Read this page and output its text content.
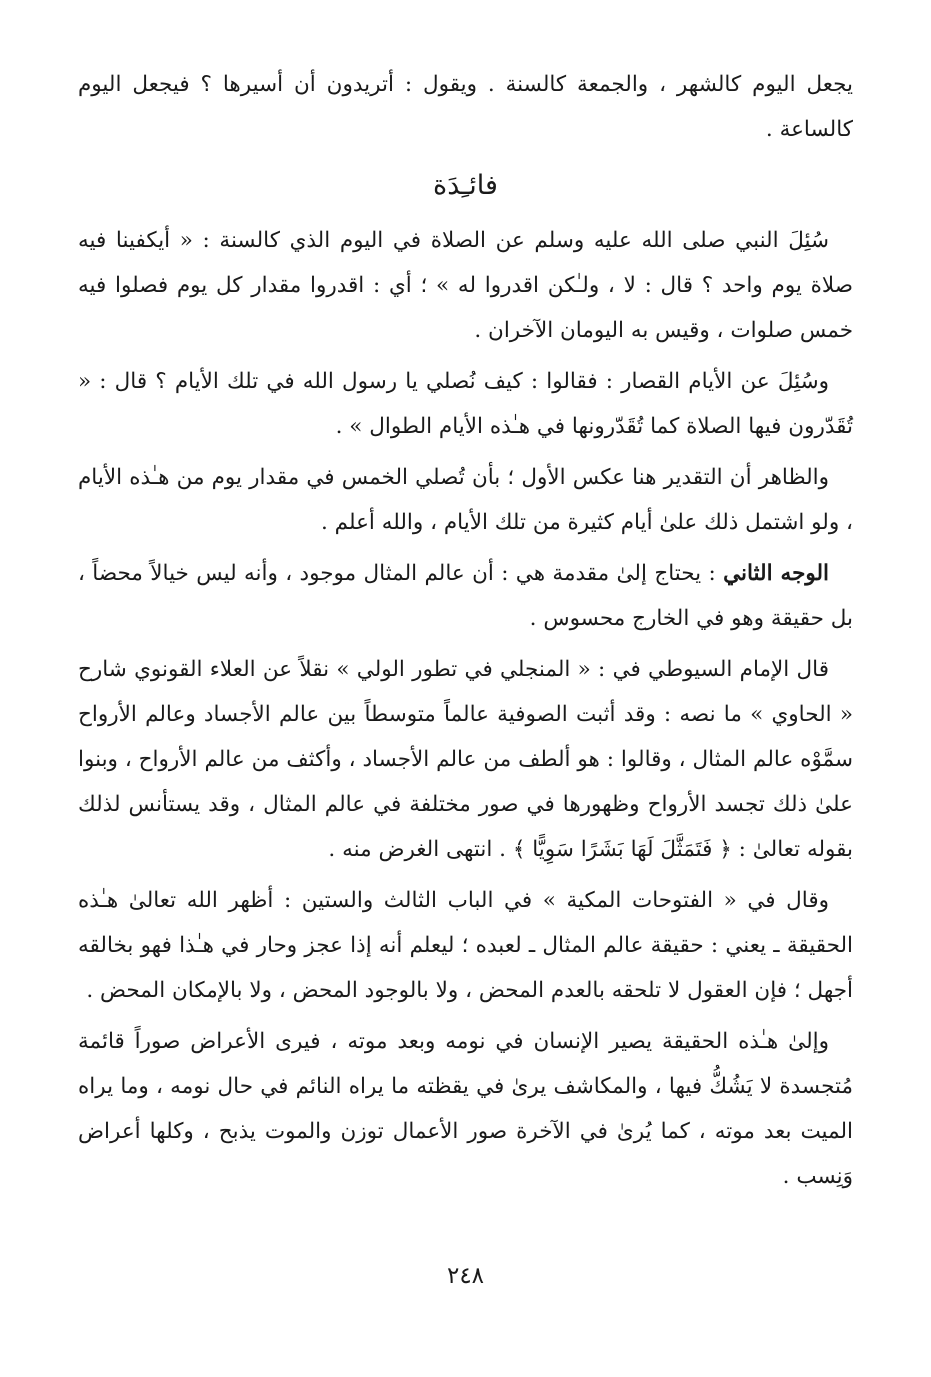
يجعل اليوم كالشهر ، والجمعة كالسنة . ويقول : أتريدون أن أسيرها ؟ فيجعل اليوم كالساعة .

فائـِدَة

سُئِلَ النبي صلى الله عليه وسلم عن الصلاة في اليوم الذي كالسنة : « أيكفينا فيه صلاة يوم واحد ؟ قال : لا ، ولـٰكن اقدروا له » ؛ أي : اقدروا مقدار كل يوم فصلوا فيه خمس صلوات ، وقيس به اليومان الآخران .

وسُئِلَ عن الأيام القصار : فقالوا : كيف نُصلي يا رسول الله في تلك الأيام ؟ قال : « تُقَدّرون فيها الصلاة كما تُقَدّرونها في هـٰذه الأيام الطوال » .

والظاهر أن التقدير هنا عكس الأول ؛ بأن تُصلي الخمس في مقدار يوم من هـٰذه الأيام ، ولو اشتمل ذلك علىٰ أيام كثيرة من تلك الأيام ، والله أعلم .

الوجه الثاني : يحتاج إلىٰ مقدمة هي : أن عالم المثال موجود ، وأنه ليس خيالاً محضاً ، بل حقيقة وهو في الخارج محسوس .

قال الإمام السيوطي في : « المنجلي في تطور الولي » نقلاً عن العلاء القونوي شارح « الحاوي » ما نصه : وقد أثبت الصوفية عالماً متوسطاً بين عالم الأجساد وعالم الأرواح سمَّوْه عالم المثال ، وقالوا : هو ألطف من عالم الأجساد ، وأكثف من عالم الأرواح ، وبنوا علىٰ ذلك تجسد الأرواح وظهورها في صور مختلفة في عالم المثال ، وقد يستأنس لذلك بقوله تعالىٰ : ﴿ فَتَمَثَّلَ لَهَا بَشَرًا سَوِيًّا ﴾ . انتهى الغرض منه .

وقال في « الفتوحات المكية » في الباب الثالث والستين : أظهر الله تعالىٰ هـٰذه الحقيقة ـ يعني : حقيقة عالم المثال ـ لعبده ؛ ليعلم أنه إذا عجز وحار في هـٰذا فهو بخالقه أجهل ؛ فإن العقول لا تلحقه بالعدم المحض ، ولا بالوجود المحض ، ولا بالإمكان المحض .

وإلىٰ هـٰذه الحقيقة يصير الإنسان في نومه وبعد موته ، فيرى الأعراض صوراً قائمة مُتجسدة لا يَشُكُّ فيها ، والمكاشف يرىٰ في يقظته ما يراه النائم في حال نومه ، وما يراه الميت بعد موته ، كما يُرىٰ في الآخرة صور الأعمال توزن والموت يذبح ، وكلها أعراض وَنِسب .

٢٤٨
